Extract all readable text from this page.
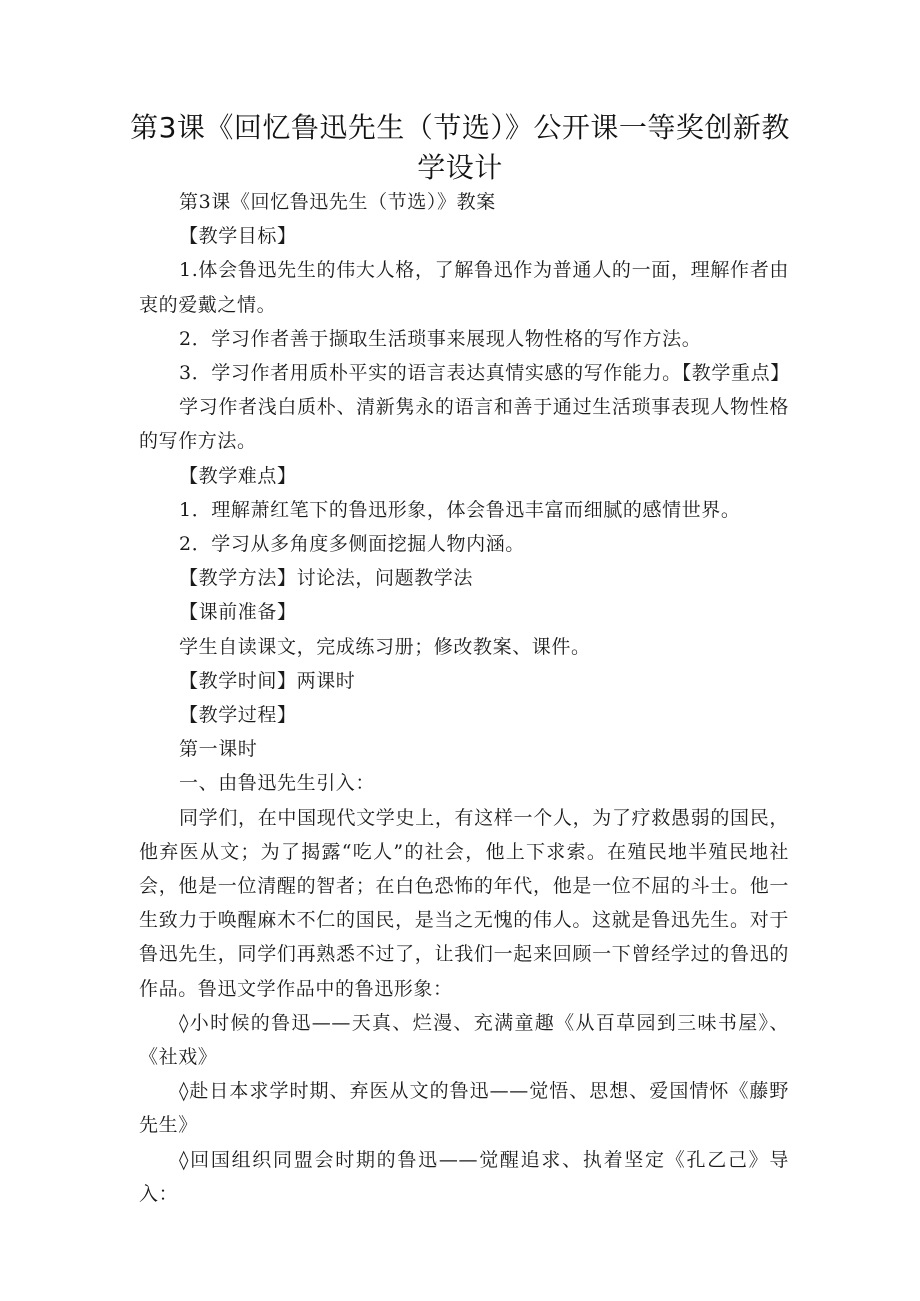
第3课《回忆鲁迅先生（节选）》公开课一等奖创新教学设计

第3课《回忆鲁迅先生（节选）》教案

【教学目标】

1.体会鲁迅先生的伟大人格，了解鲁迅作为普通人的一面，理解作者由衷的爱戴之情。

2．学习作者善于撷取生活琐事来展现人物性格的写作方法。

3．学习作者用质朴平实的语言表达真情实感的写作能力。【教学重点】

学习作者浅白质朴、清新隽永的语言和善于通过生活琐事表现人物性格的写作方法。

【教学难点】

1．理解萧红笔下的鲁迅形象，体会鲁迅丰富而细腻的感情世界。

2．学习从多角度多侧面挖掘人物内涵。

【教学方法】讨论法，问题教学法

【课前准备】

学生自读课文，完成练习册；修改教案、课件。

【教学时间】两课时

【教学过程】

第一课时

一、由鲁迅先生引入：

同学们，在中国现代文学史上，有这样一个人，为了疗救愚弱的国民，他弃医从文；为了揭露“吃人”的社会，他上下求索。在殖民地半殖民地社会，他是一位清醒的智者；在白色恐怖的年代，他是一位不屈的斗士。他一生致力于唤醒麻木不仁的国民，是当之无愧的伟人。这就是鲁迅先生。对于鲁迅先生，同学们再熟悉不过了，让我们一起来回顾一下曾经学过的鲁迅的作品。鲁迅文学作品中的鲁迅形象：

◊小时候的鲁迅——天真、烂漫、充满童趣《从百草园到三味书屋》、《社戏》

◊赴日本求学时期、弃医从文的鲁迅——觉悟、思想、爱国情怀《藤野先生》

◊回国组织同盟会时期的鲁迅——觉醒追求、执着坚定《孔乙己》导入：
